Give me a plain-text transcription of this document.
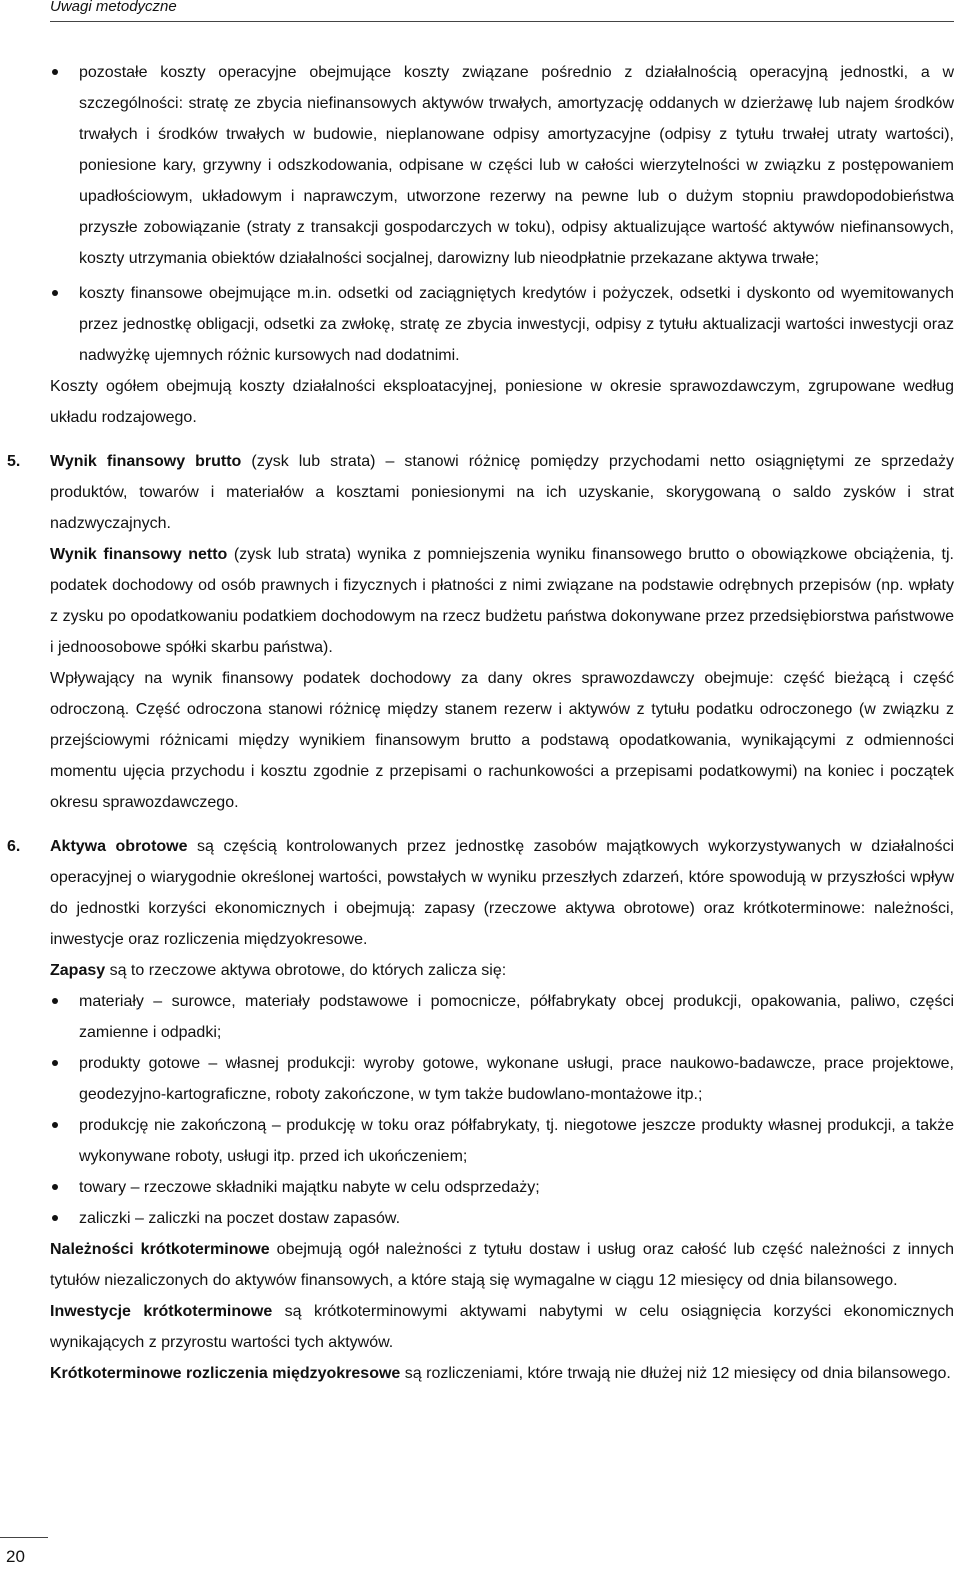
Uwagi metodyczne

pozostałe koszty operacyjne obejmujące koszty związane pośrednio z działalnością operacyjną jednostki, a w szczególności: stratę ze zbycia niefinansowych aktywów trwałych, amortyzację oddanych w dzierżawę lub najem środków trwałych i środków trwałych w budowie, nieplanowane odpisy amortyzacyjne (odpisy z tytułu trwałej utraty wartości), poniesione kary, grzywny i odszkodowania, odpisane w części lub w całości wierzytelności w związku z postępowaniem upadłościowym, układowym i naprawczym, utworzone rezerwy na pewne lub o dużym stopniu prawdopodobieństwa przyszłe zobowiązanie (straty z transakcji gospodarczych w toku), odpisy aktualizujące wartość aktywów niefinansowych, koszty utrzymania obiektów działalności socjalnej, darowizny lub nieodpłatnie przekazane aktywa trwałe;

koszty finansowe obejmujące m.in. odsetki od zaciągniętych kredytów i pożyczek, odsetki i dyskonto od wyemitowanych przez jednostkę obligacji, odsetki za zwłokę, stratę ze zbycia inwestycji, odpisy z tytułu aktualizacji wartości inwestycji oraz nadwyżkę ujemnych różnic kursowych nad dodatnimi.

Koszty ogółem obejmują koszty działalności eksploatacyjnej, poniesione w okresie sprawozdawczym, zgrupowane według układu rodzajowego.

5. Wynik finansowy brutto (zysk lub strata) – stanowi różnicę pomiędzy przychodami netto osiągniętymi ze sprzedaży produktów, towarów i materiałów a kosztami poniesionymi na ich uzyskanie, skorygowaną o saldo zysków i strat nadzwyczajnych.

Wynik finansowy netto (zysk lub strata) wynika z pomniejszenia wyniku finansowego brutto o obowiązkowe obciążenia, tj. podatek dochodowy od osób prawnych i fizycznych i płatności z nimi związane na podstawie odrębnych przepisów (np. wpłaty z zysku po opodatkowaniu podatkiem dochodowym na rzecz budżetu państwa dokonywane przez przedsiębiorstwa państwowe i jednoosobowe spółki skarbu państwa).

Wpływający na wynik finansowy podatek dochodowy za dany okres sprawozdawczy obejmuje: część bieżącą i część odroczoną. Część odroczona stanowi różnicę między stanem rezerw i aktywów z tytułu podatku odroczonego (w związku z przejściowymi różnicami między wynikiem finansowym brutto a podstawą opodatkowania, wynikającymi z odmienności momentu ujęcia przychodu i kosztu zgodnie z przepisami o rachunkowości a przepisami podatkowymi) na koniec i początek okresu sprawozdawczego.

6. Aktywa obrotowe są częścią kontrolowanych przez jednostkę zasobów majątkowych wykorzystywanych w działalności operacyjnej o wiarygodnie określonej wartości, powstałych w wyniku przeszłych zdarzeń, które spowodują w przyszłości wpływ do jednostki korzyści ekonomicznych i obejmują: zapasy (rzeczowe aktywa obrotowe) oraz krótkoterminowe: należności, inwestycje oraz rozliczenia międzyokresowe.

Zapasy są to rzeczowe aktywa obrotowe, do których zalicza się:

materiały – surowce, materiały podstawowe i pomocnicze, półfabrykaty obcej produkcji, opakowania, paliwo, części zamienne i odpadki;

produkty gotowe – własnej produkcji: wyroby gotowe, wykonane usługi, prace naukowo-badawcze, prace projektowe, geodezyjno-kartograficzne, roboty zakończone, w tym także budowlano-montażowe itp.;

produkcję nie zakończoną – produkcję w toku oraz półfabrykaty, tj. niegotowe jeszcze produkty własnej produkcji, a także wykonywane roboty, usługi itp. przed ich ukończeniem;

towary – rzeczowe składniki majątku nabyte w celu odsprzedaży;

zaliczki – zaliczki na poczet dostaw zapasów.

Należności krótkoterminowe obejmują ogół należności z tytułu dostaw i usług oraz całość lub część należności z innych tytułów niezaliczonych do aktywów finansowych, a które stają się wymagalne w ciągu 12 miesięcy od dnia bilansowego.

Inwestycje krótkoterminowe są krótkoterminowymi aktywami nabytymi w celu osiągnięcia korzyści ekonomicznych wynikających z przyrostu wartości tych aktywów.

Krótkoterminowe rozliczenia międzyokresowe są rozliczeniami, które trwają nie dłużej niż 12 miesięcy od dnia bilansowego.

20
